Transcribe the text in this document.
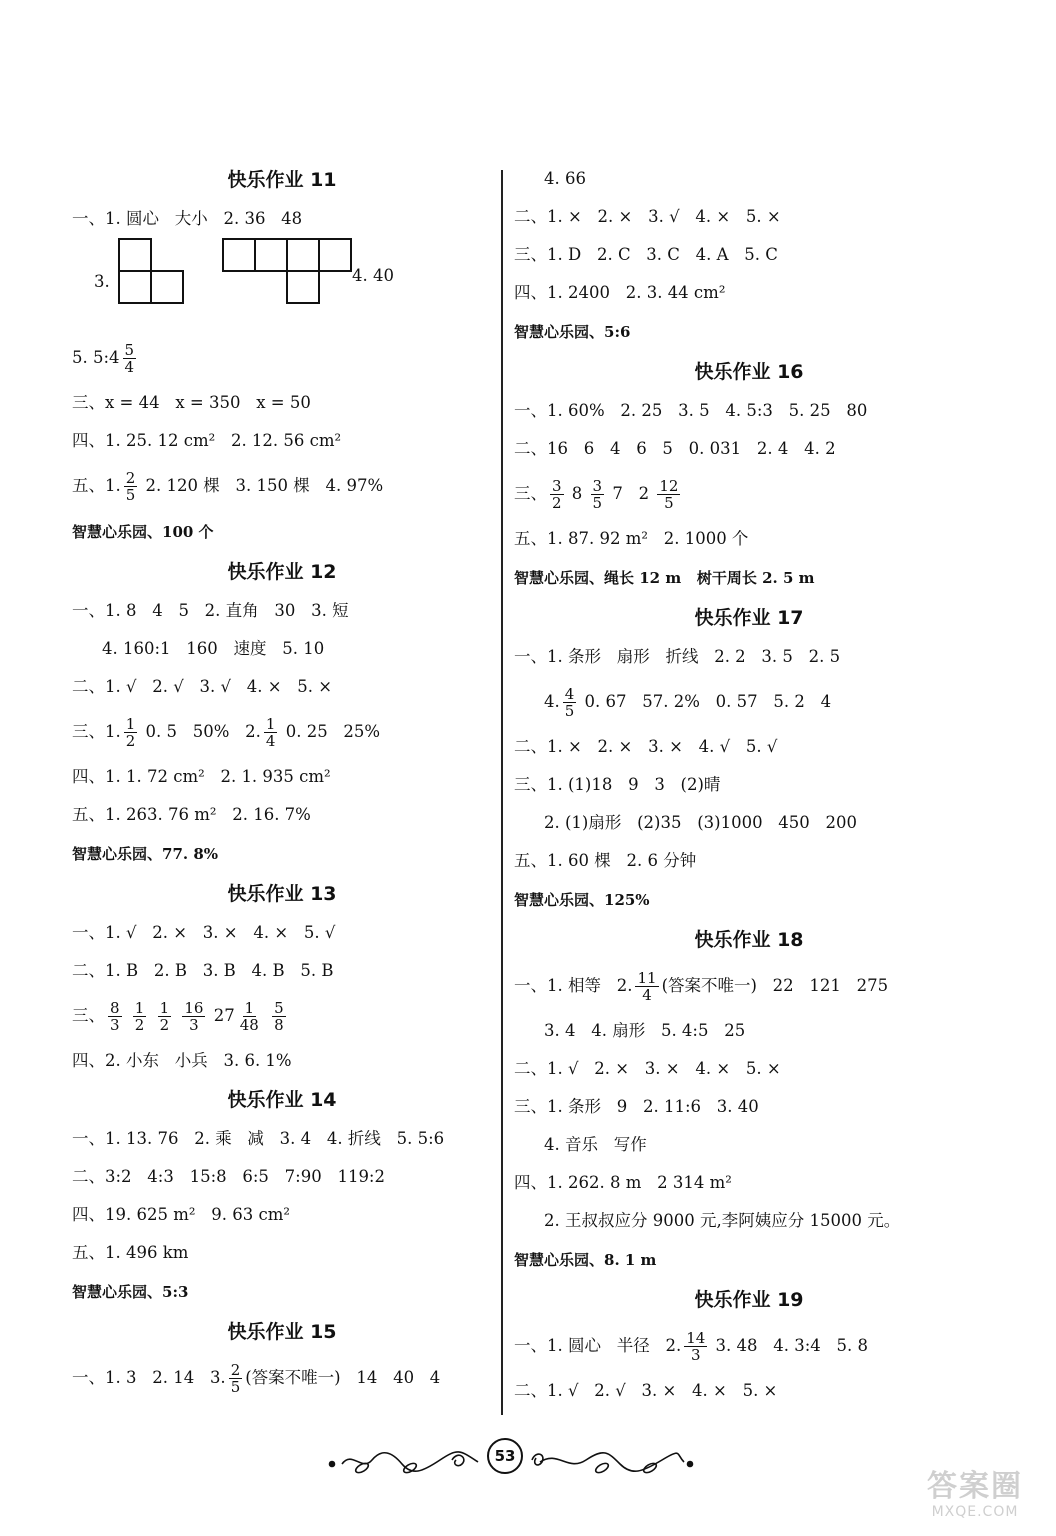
快乐作业 11
一、1. 圆心   大小   2. 36   48
3.	4. 40
5. 5:4 $\frac{5}{4}$
三、x = 44   x = 350   x = 50
四、1. 25. 12 cm²   2. 12. 56 cm²
五、1. $\frac{2}{5} 2$. 120 棵   3. 150 棵   4. 97%
智慧心乐园、100 个
快乐作业 12
一、1. 8   4   5   2. 直角   30   3. 短
4. 160:1   160   速度   5. 10
二、1. √   2. √   3. √   4. ×   5. ×
三、1. $\frac{1}{2} 0$. 5   50%   2. $\frac{1}{4} 0$. 25   25%
四、1. 1. 72 cm²   2. 1. 935 cm²
五、1. 263. 76 m²   2. 16. 7%
智慧心乐园、77. 8%
快乐作业 13
一、1. √   2. ×   3. ×   4. ×   5. √
二、1. B   2. B   3. B   4. B   5. B
三、 $\frac{8}{3}$
$\frac{1}{2}$
$\frac{1}{2}$
$\frac{16}{3} 27 \frac{1}{48}$
$\frac{5}{8}$
四、2. 小东   小兵   3. 6. 1%
快乐作业 14
一、1. 13. 76   2. 乘   减   3. 4   4. 折线   5. 5:6
二、3:2   4:3   15:8   6:5   7:90   119:2
四、19. 625 m²   9. 63 cm²
五、1. 496 km
智慧心乐园、5:3
快乐作业 15
一、1. 3   2. 14   3. $\frac{2}{5}$ (答案不唯一)   14   40   4
4. 66
二、1. ×   2. ×   3. √   4. ×   5. ×
三、1. D   2. C   3. C   4. A   5. C
四、1. 2400   2. 3. 44 cm²
智慧心乐园、5:6
快乐作业 16
一、1. 60%   2. 25   3. 5   4. 5:3   5. 25   80
二、16   6   4   6   5   0. 031   2. 4   4. 2
三、 $\frac{3}{2} 8 \frac{3}{5} 7$   $2 \frac{12}{5}$
五、1. 87. 92 m²   2. 1000 个
智慧心乐园、绳长 12 m   树干周长 2. 5 m
快乐作业 17
一、1. 条形   扇形   折线   2. 2   3. 5   2. 5
4. $\frac{4}{5} 0$. 67   57. 2%   0. 57   5. 2   4
二、1. ×   2. ×   3. ×   4. √   5. √
三、1. (1)18   9   3   (2)晴
2. (1)扇形   (2)35   (3)1000   450   200
五、1. 60 棵   2. 6 分钟
智慧心乐园、125%
快乐作业 18
一、1. 相等   2. $\frac{11}{4}$ (答案不唯一)   22   121   275
3. 4   4. 扇形   5. 4:5   25
二、1. √   2. ×   3. ×   4. ×   5. ×
三、1. 条形   9   2. 11:6   3. 40
4. 音乐   写作
四、1. 262. 8 m   2 314 m²
2. 王叔叔应分 9000 元,李阿姨应分 15000 元。
智慧心乐园、8. 1 m
快乐作业 19
一、1. 圆心   半径   2. $\frac{14}{3} 3$. 48   4. 3:4   5. 8
二、1. √   2. √   3. ×   4. ×   5. ×
53
答案圈
MXQE.COM
